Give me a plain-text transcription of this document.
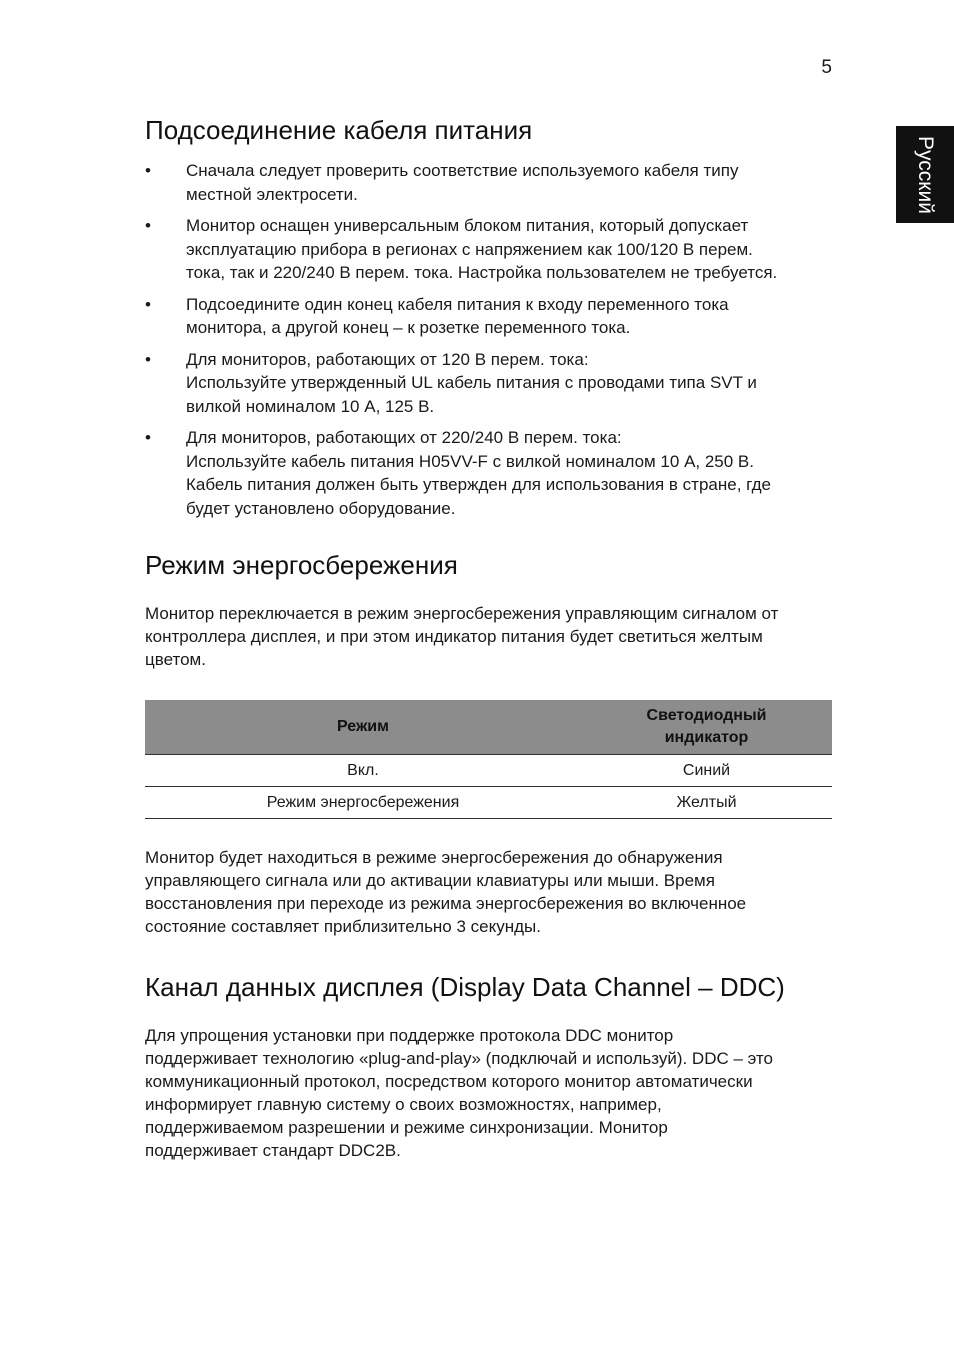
5
Русский
Подсоединение кабеля питания
• Сначала следует проверить соответствие используемого кабеля типу
местной электросети.
• Монитор оснащен универсальным блоком питания, который допускает
эксплуатацию прибора в регионах с напряжением как 100/120 В перем.
тока, так и 220/240 В перем. тока. Настройка пользователем не требуется.
• Подсоедините один конец кабеля питания к входу переменного тока
монитора, а другой конец – к розетке переменного тока.
• Для мониторов, работающих от 120 В перем. тока:
Используйте утвержденный UL кабель питания с проводами типа SVT и
вилкой номиналом 10 А, 125 В.
• Для мониторов, работающих от 220/240 В перем. тока:
Используйте кабель питания H05VV-F с вилкой номиналом 10 А, 250 В.
Кабель питания должен быть утвержден для использования в стране, где
будет установлено оборудование.
Режим энергосбережения

Монитор переключается в режим энергосбережения управляющим сигналом от
контроллера дисплея, и при этом индикатор питания будет светиться желтым
цветом.

Режим	Светодиодный
индикатор

Вкл.	Синий
Режим энергосбережения	Желтый

Монитор будет находиться в режиме энергосбережения до обнаружения
управляющего сигнала или до активации клавиатуры или мыши. Время
восстановления при переходе из режима энергосбережения во включенное
состояние составляет приблизительно 3 секунды.

Канал данных дисплея (Display Data Channel – DDC)

Для упрощения установки при поддержке протокола DDC монитор
поддерживает технологию «plug-and-play» (подключай и используй). DDC – это
коммуникационный протокол, посредством которого монитор автоматически
информирует главную систему о своих возможностях, например,
поддерживаемом разрешении и режиме синхронизации. Монитор
поддерживает стандарт DDC2B.
